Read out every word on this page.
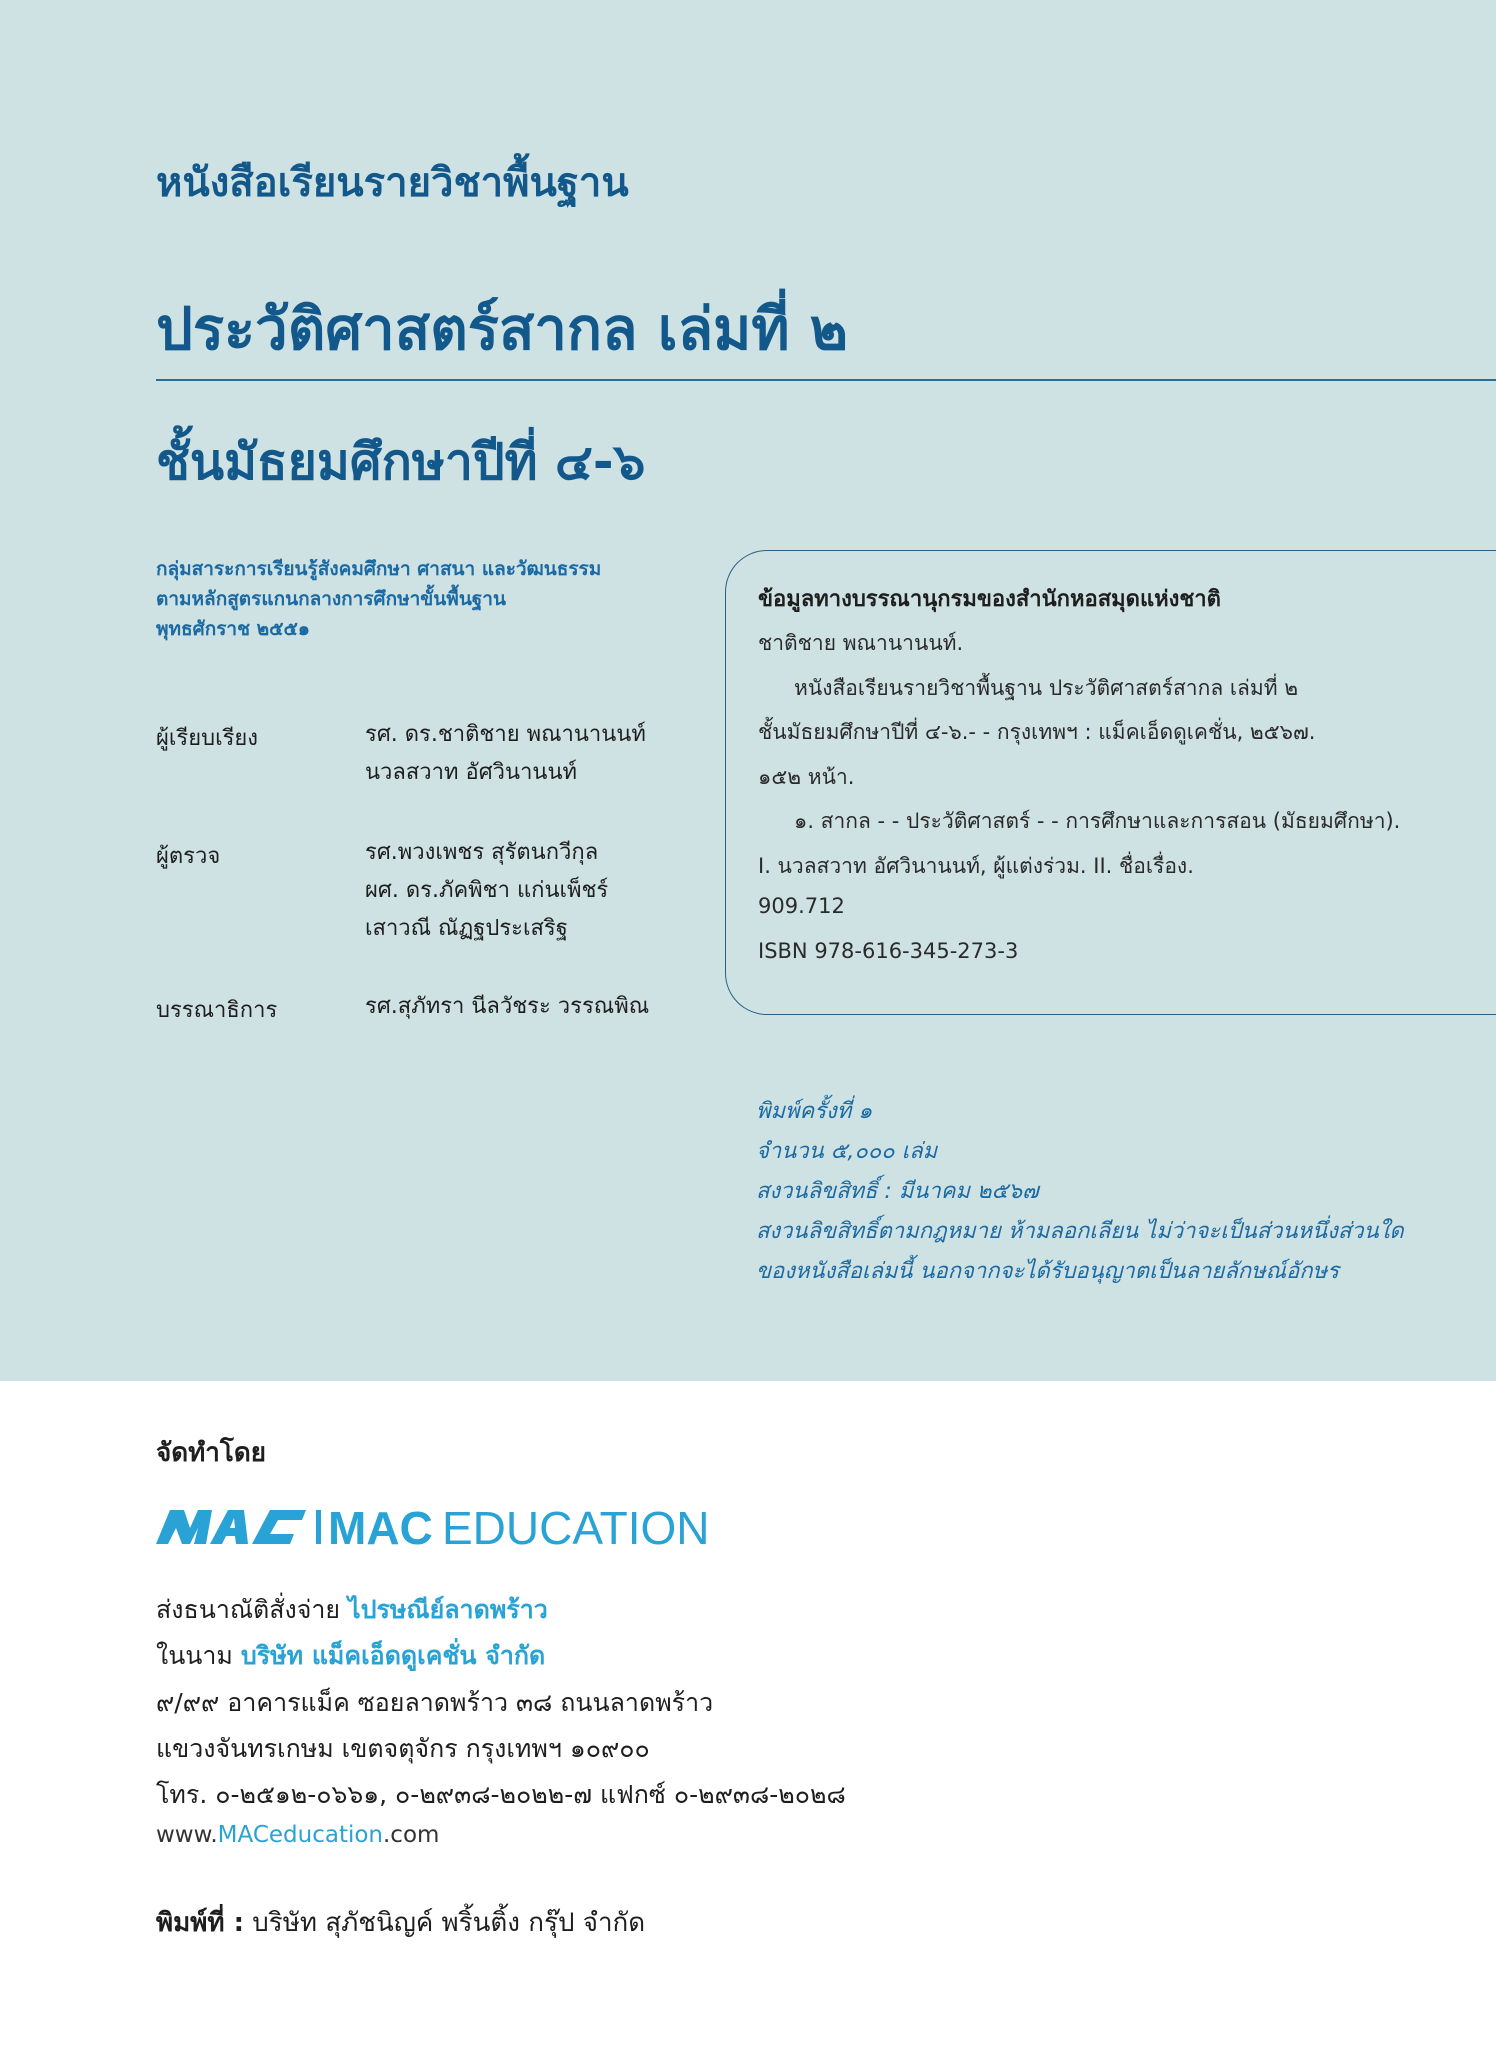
หนังสือเรียนรายวิชาพื้นฐาน
ประวัติศาสตร์สากล เล่มที่ ๒
ชั้นมัธยมศึกษาปีที่ ๔-๖
กลุ่มสาระการเรียนรู้สังคมศึกษา ศาสนา และวัฒนธรรม
ตามหลักสูตรแกนกลางการศึกษาขั้นพื้นฐาน
พุทธศักราช ๒๕๕๑
ผู้เรียบเรียง	รศ. ดร.ชาติชาย พณานานนท์
นวลสวาท อัศวินานนท์
ผู้ตรวจ	รศ.พวงเพชร สุรัตนกวีกุล
ผศ. ดร.ภัคพิชา แก่นเพ็ชร์
เสาวณี ณัฏฐประเสริฐ
บรรณาธิการ	รศ.สุภัทรา นีลวัชระ วรรณพิณ
ข้อมูลทางบรรณานุกรมของสำนักหอสมุดแห่งชาติ
ชาติชาย พณานานนท์.
หนังสือเรียนรายวิชาพื้นฐาน ประวัติศาสตร์สากล เล่มที่ ๒
ชั้นมัธยมศึกษาปีที่ ๔-๖.- - กรุงเทพฯ : แม็คเอ็ดดูเคชั่น, ๒๕๖๗.
๑๕๒ หน้า.
๑. สากล - - ประวัติศาสตร์ - - การศึกษาและการสอน (มัธยมศึกษา).
I. นวลสวาท อัศวินานนท์, ผู้แต่งร่วม. II. ชื่อเรื่อง.
909.712
ISBN 978-616-345-273-3
พิมพ์ครั้งที่ ๑
จำนวน ๕,๐๐๐ เล่ม
สงวนลิขสิทธิ์ : มีนาคม ๒๕๖๗
สงวนลิขสิทธิ์ตามกฎหมาย ห้ามลอกเลียน ไม่ว่าจะเป็นส่วนหนึ่งส่วนใด
ของหนังสือเล่มนี้ นอกจากจะได้รับอนุญาตเป็นลายลักษณ์อักษร
จัดทำโดย
MAC EDUCATION
ส่งธนาณัติสั่งจ่าย ไปรษณีย์ลาดพร้าว
ในนาม บริษัท แม็คเอ็ดดูเคชั่น จำกัด
๙/๙๙ อาคารแม็ค ซอยลาดพร้าว ๓๘ ถนนลาดพร้าว
แขวงจันทรเกษม เขตจตุจักร กรุงเทพฯ ๑๐๙๐๐
โทร. ๐-๒๕๑๒-๐๖๖๑, ๐-๒๙๓๘-๒๐๒๒-๗ แฟกซ์ ๐-๒๙๓๘-๒๐๒๘
www.MACeducation.com
พิมพ์ที่ : บริษัท สุภัชนิญค์ พริ้นติ้ง กรุ๊ป จำกัด
